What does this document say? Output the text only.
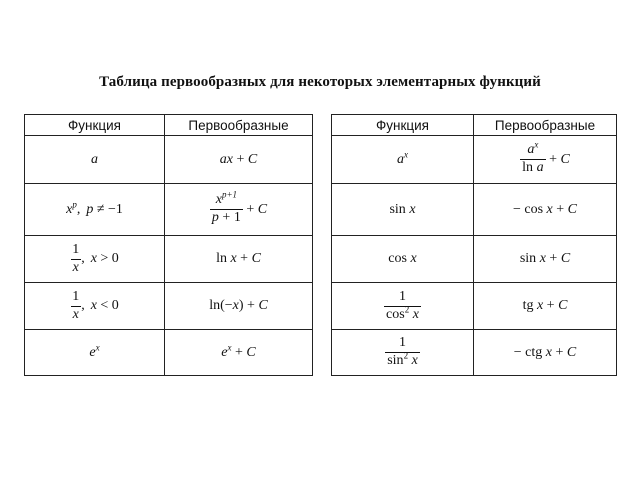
Таблица первообразных для некоторых элементарных функций
Функция	Первообразные
a	ax + C
$x^p$, p ≠ −1	$\frac{x^{p+1}}{p + 1} + C$

$\frac{1}{x}$ , x > 0	ln x + C

$\frac{1}{x}$ , x < 0	ln(−x) + C
$e^x$	$e^x + C$
Функция	Первообразные
$a^x$	$\frac{a^x}{\text{ln a}} + C$
sin x	− cos x + C
cos x	sin x + C

$\frac{1}{\cos^2 x}$	tg x + C

$\frac{1}{\sin^2 x}$	− ctg x + C
